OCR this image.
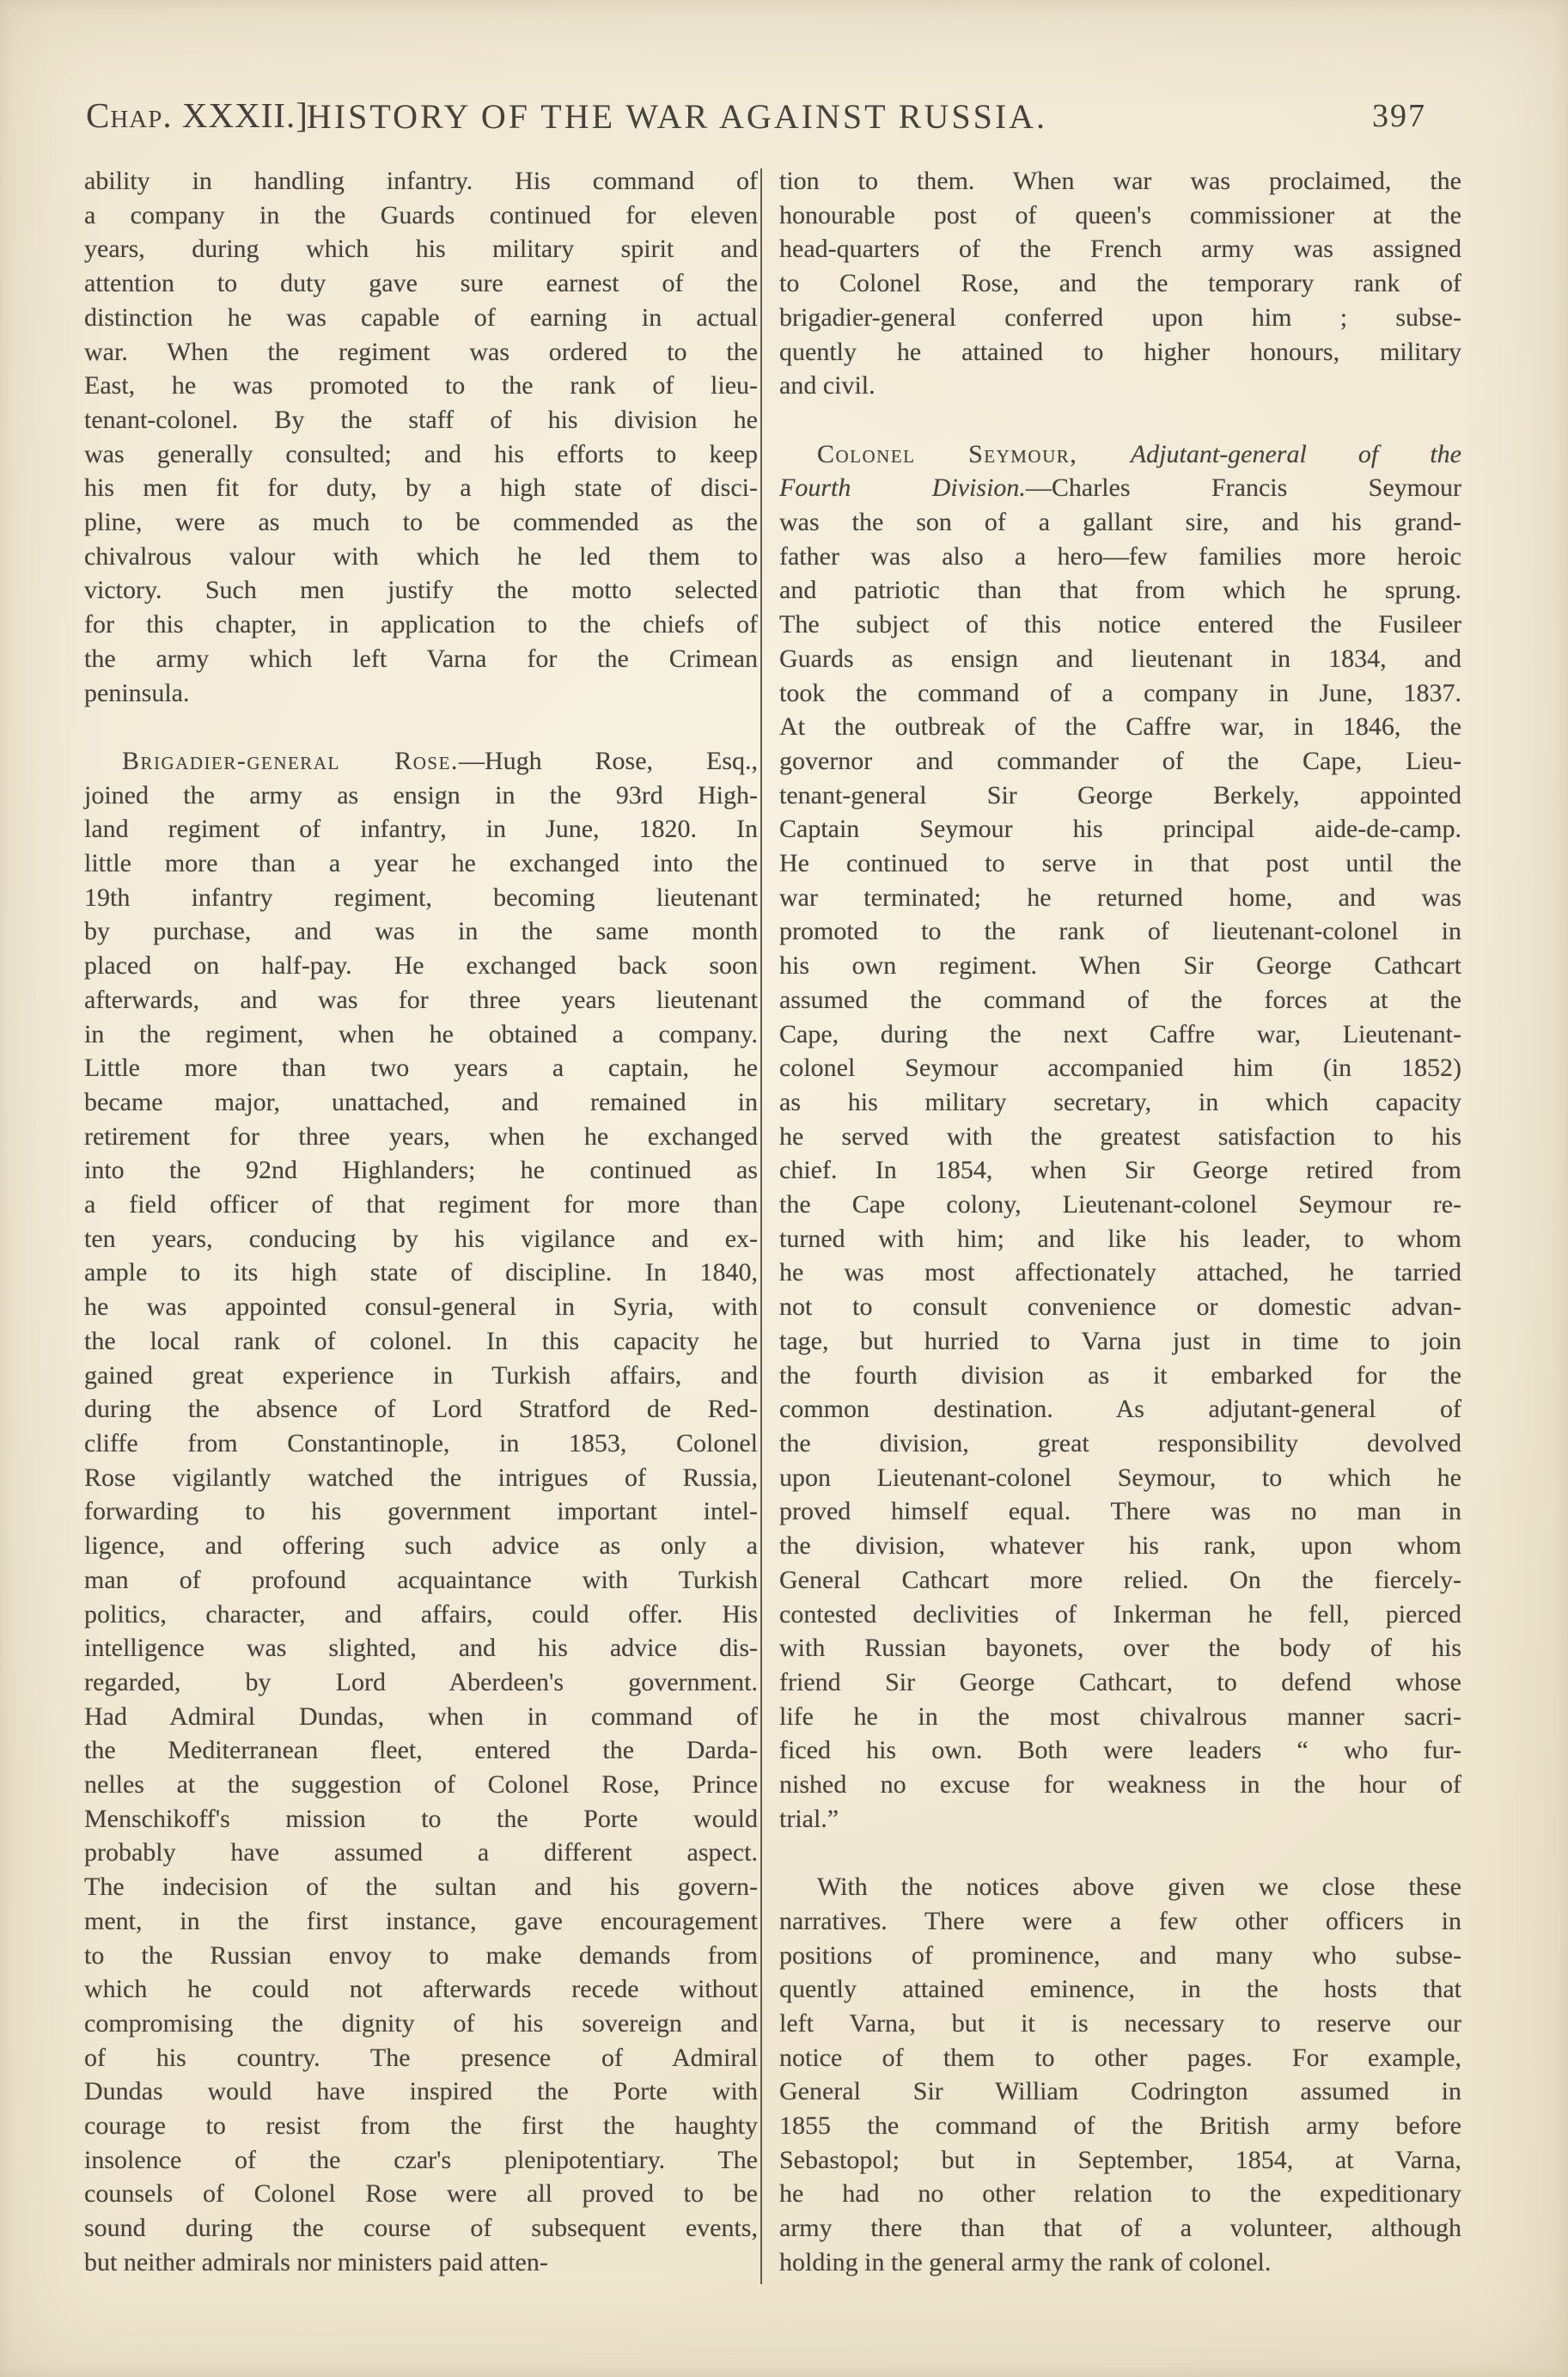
Chap. XXXII.]
HISTORY OF THE WAR AGAINST RUSSIA.	397
ability in handling infantry. His command of
a company in the Guards continued for eleven
years, during which his military spirit and
attention to duty gave sure earnest of the
distinction he was capable of earning in actual
war. When the regiment was ordered to the
East, he was promoted to the rank of lieu-
tenant-colonel. By the staff of his division he
was generally consulted; and his efforts to keep
his men fit for duty, by a high state of disci-
pline, were as much to be commended as the
chivalrous valour with which he led them to
victory. Such men justify the motto selected
for this chapter, in application to the chiefs of
the army which left Varna for the Crimean
peninsula.
Brigadier-general Rose.—Hugh Rose, Esq.,
joined the army as ensign in the 93rd High-
land regiment of infantry, in June, 1820. In
little more than a year he exchanged into the
19th infantry regiment, becoming lieutenant
by purchase, and was in the same month
placed on half-pay. He exchanged back soon
afterwards, and was for three years lieutenant
in the regiment, when he obtained a company.
Little more than two years a captain, he
became major, unattached, and remained in
retirement for three years, when he exchanged
into the 92nd Highlanders; he continued as
a field officer of that regiment for more than
ten years, conducing by his vigilance and ex-
ample to its high state of discipline. In 1840,
he was appointed consul-general in Syria, with
the local rank of colonel. In this capacity he
gained great experience in Turkish affairs, and
during the absence of Lord Stratford de Red-
cliffe from Constantinople, in 1853, Colonel
Rose vigilantly watched the intrigues of Russia,
forwarding to his government important intel-
ligence, and offering such advice as only a
man of profound acquaintance with Turkish
politics, character, and affairs, could offer. His
intelligence was slighted, and his advice dis-
regarded, by Lord Aberdeen's government.
Had Admiral Dundas, when in command of
the Mediterranean fleet, entered the Darda-
nelles at the suggestion of Colonel Rose, Prince
Menschikoff's mission to the Porte would
probably have assumed a different aspect.
The indecision of the sultan and his govern-
ment, in the first instance, gave encouragement
to the Russian envoy to make demands from
which he could not afterwards recede without
compromising the dignity of his sovereign and
of his country. The presence of Admiral
Dundas would have inspired the Porte with
courage to resist from the first the haughty
insolence of the czar's plenipotentiary. The
counsels of Colonel Rose were all proved to be
sound during the course of subsequent events,
but neither admirals nor ministers paid atten-
tion to them. When war was proclaimed, the
honourable post of queen's commissioner at the
head-quarters of the French army was assigned
to Colonel Rose, and the temporary rank of
brigadier-general conferred upon him ; subse-
quently he attained to higher honours, military
and civil.
Colonel Seymour, Adjutant-general of the
Fourth Division.—Charles Francis Seymour
was the son of a gallant sire, and his grand-
father was also a hero—few families more heroic
and patriotic than that from which he sprung.
The subject of this notice entered the Fusileer
Guards as ensign and lieutenant in 1834, and
took the command of a company in June, 1837.
At the outbreak of the Caffre war, in 1846, the
governor and commander of the Cape, Lieu-
tenant-general Sir George Berkely, appointed
Captain Seymour his principal aide-de-camp.
He continued to serve in that post until the
war terminated; he returned home, and was
promoted to the rank of lieutenant-colonel in
his own regiment. When Sir George Cathcart
assumed the command of the forces at the
Cape, during the next Caffre war, Lieutenant-
colonel Seymour accompanied him (in 1852)
as his military secretary, in which capacity
he served with the greatest satisfaction to his
chief. In 1854, when Sir George retired from
the Cape colony, Lieutenant-colonel Seymour re-
turned with him; and like his leader, to whom
he was most affectionately attached, he tarried
not to consult convenience or domestic advan-
tage, but hurried to Varna just in time to join
the fourth division as it embarked for the
common destination. As adjutant-general of
the division, great responsibility devolved
upon Lieutenant-colonel Seymour, to which he
proved himself equal. There was no man in
the division, whatever his rank, upon whom
General Cathcart more relied. On the fiercely-
contested declivities of Inkerman he fell, pierced
with Russian bayonets, over the body of his
friend Sir George Cathcart, to defend whose
life he in the most chivalrous manner sacri-
ficed his own. Both were leaders “ who fur-
nished no excuse for weakness in the hour of
trial.”
With the notices above given we close these
narratives. There were a few other officers in
positions of prominence, and many who subse-
quently attained eminence, in the hosts that
left Varna, but it is necessary to reserve our
notice of them to other pages. For example,
General Sir William Codrington assumed in
1855 the command of the British army before
Sebastopol; but in September, 1854, at Varna,
he had no other relation to the expeditionary
army there than that of a volunteer, although
holding in the general army the rank of colonel.
